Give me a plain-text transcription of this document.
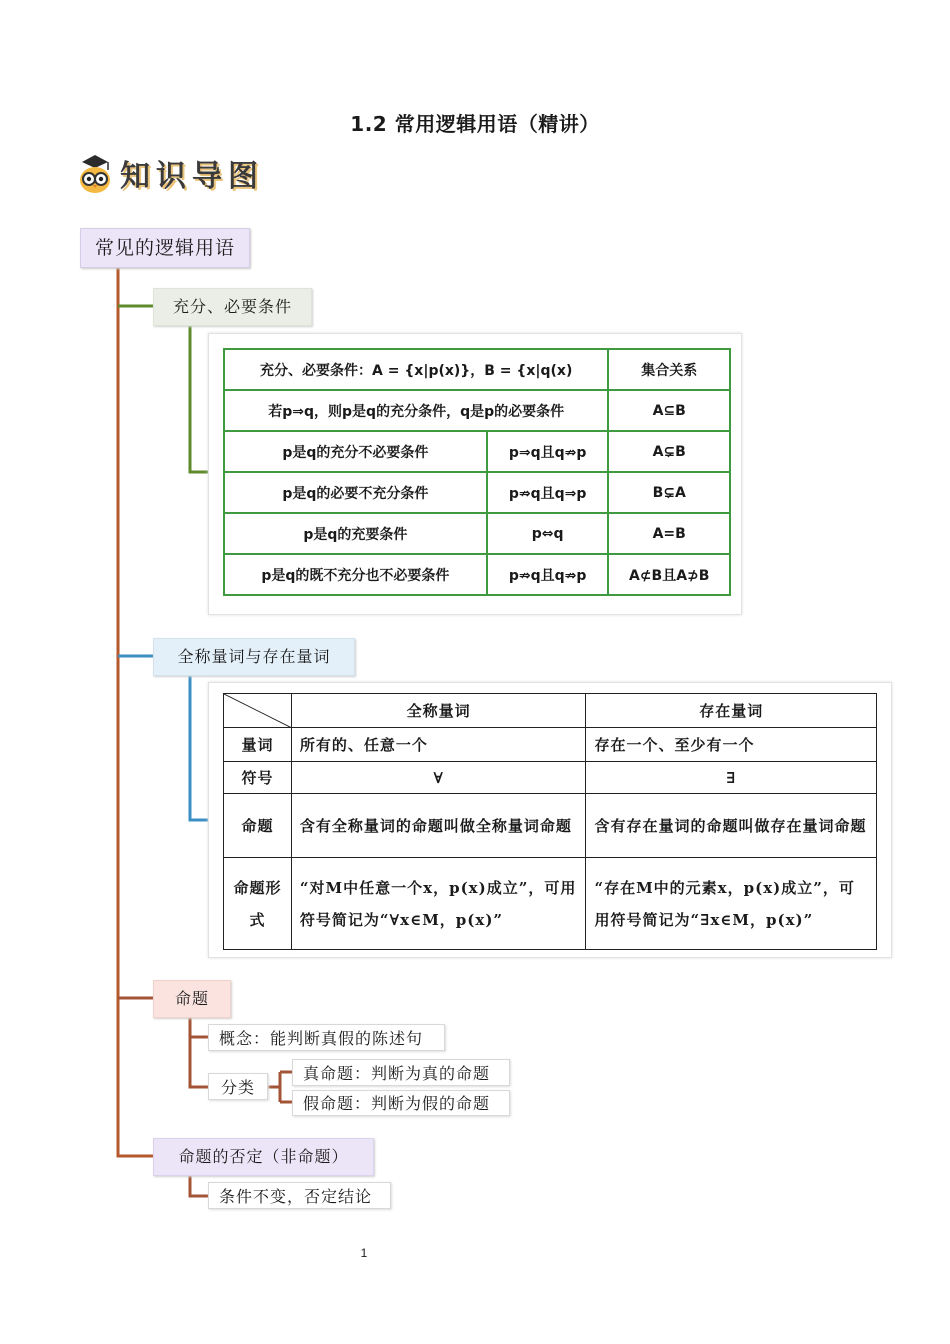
1.2 常用逻辑用语（精讲）
知识导图
常见的逻辑用语
充分、必要条件
充分、必要条件：A = {x|p(x)}，B = {x|q(x)		集合关系
若p⇒q，则p是q的充分条件，q是p的必要条件		A⊆B
p是q的充分不必要条件	p⇒q且q⇏p	A⊊B
p是q的必要不充分条件	p⇏q且q⇒p	B⊊A
p是q的充要条件	p⇔q	A=B
p是q的既不充分也不必要条件	p⇏q且q⇏p	A⊄B且A⊅B
全称量词与存在量词
	全称量词	存在量词
量词	所有的、任意一个	存在一个、至少有一个
符号	∀	∃
命题	含有全称量词的命题叫做全称量词命题	含有存在量词的命题叫做存在量词命题
命题形式	“对M中任意一个x，p(x)成立”，可用符号简记为“∀x∈M，p(x)”	“存在M中的元素x，p(x)成立”，可用符号简记为“∃x∈M，p(x)”
命题
概念：能判断真假的陈述句
分类
真命题：判断为真的命题
假命题：判断为假的命题
命题的否定（非命题）
条件不变，否定结论
1
